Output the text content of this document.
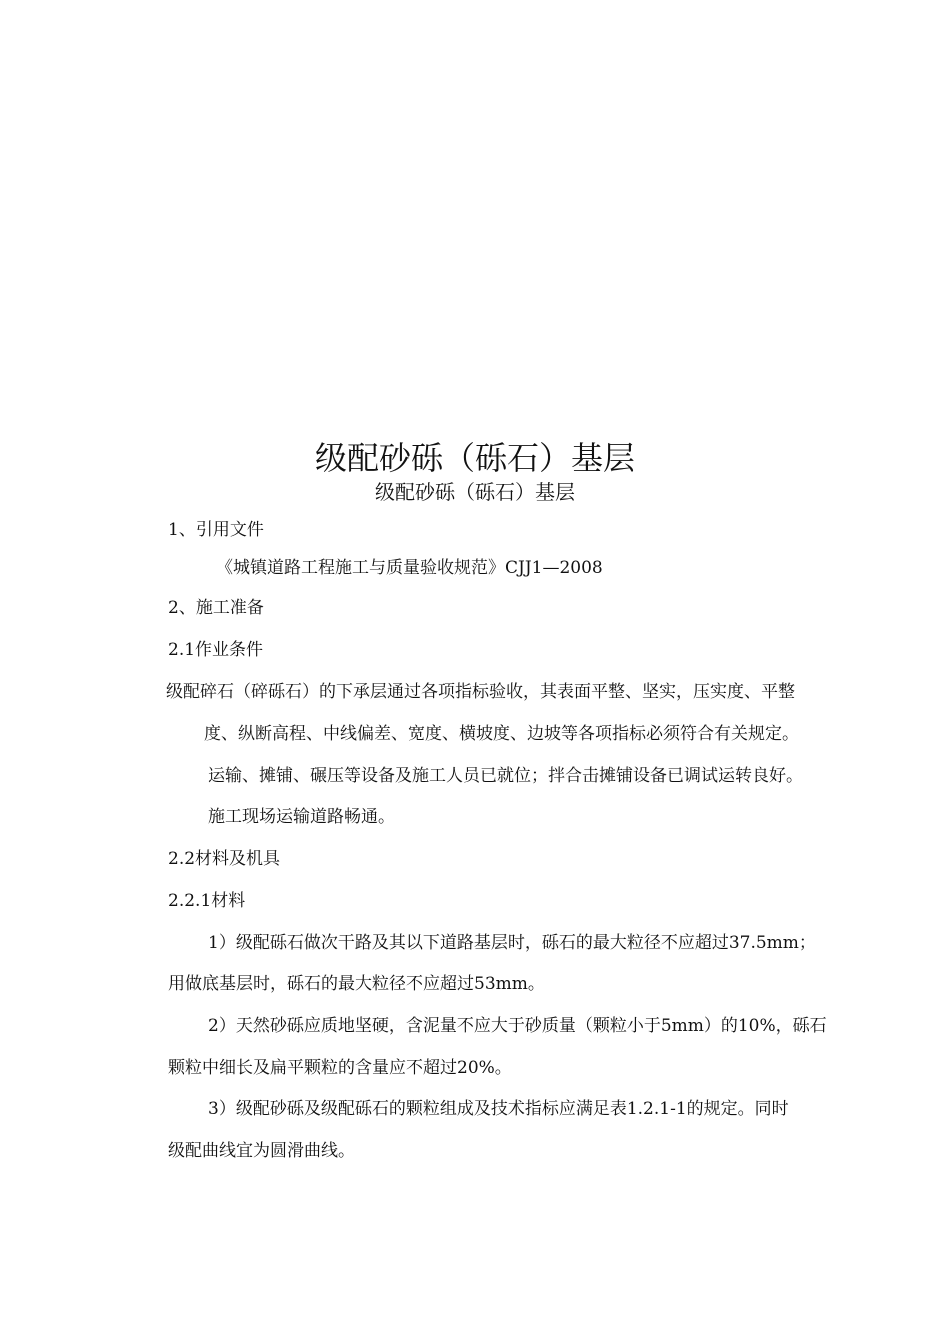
级配砂砾（砾石）基层
级配砂砾（砾石）基层
1、引用文件
《城镇道路工程施工与质量验收规范》CJJ1—2008
2、施工准备
2.1作业条件
级配碎石（碎砾石）的下承层通过各项指标验收，其表面平整、坚实，压实度、平整
度、纵断高程、中线偏差、宽度、横坡度、边坡等各项指标必须符合有关规定。
运输、摊铺、碾压等设备及施工人员已就位；拌合击摊铺设备已调试运转良好。
施工现场运输道路畅通。
2.2材料及机具
2.2.1材料
1）级配砾石做次干路及其以下道路基层时，砾石的最大粒径不应超过37.5mm；
用做底基层时，砾石的最大粒径不应超过53mm。
2）天然砂砾应质地坚硬，含泥量不应大于砂质量（颗粒小于5mm）的10%，砾石
颗粒中细长及扁平颗粒的含量应不超过20%。
3）级配砂砾及级配砾石的颗粒组成及技术指标应满足表1.2.1-1的规定。同时
级配曲线宜为圆滑曲线。
